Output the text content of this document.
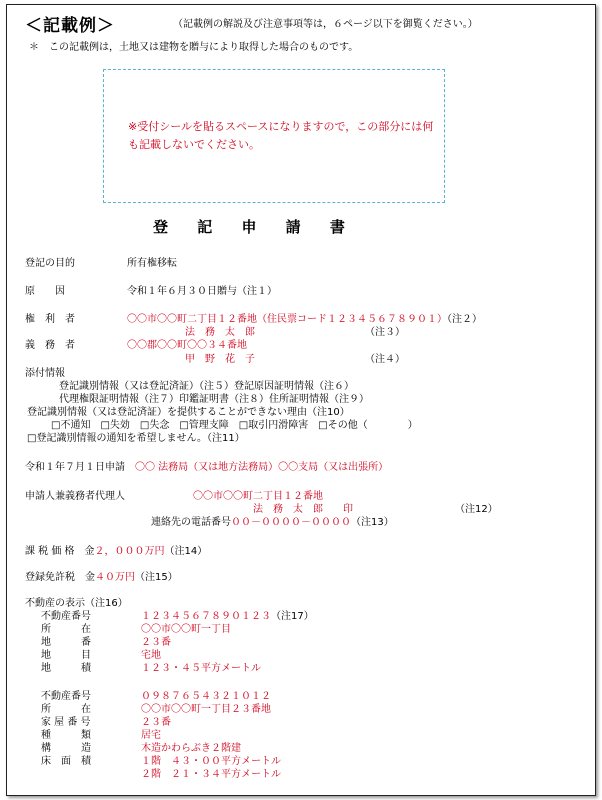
＜記載例＞	（記載例の解説及び注意事項等は，６ページ以下を御覧ください。）
＊　この記載例は，土地又は建物を贈与により取得した場合のものです。
※受付シールを貼るスペースになりますので，この部分には何も記載しないでください。
登 記 申 請 書
登記の目的	所有権移転
原　　因	令和１年６月３０日贈与（注１）
権　利　者	〇〇市〇〇町二丁目１２番地（住民票コード１２３４５６７８９０１）（注２）
法　務　太　郎	（注３）
義　務　者	〇〇郡〇〇町〇〇３４番地
甲　野　花　子	（注４）
添付情報
登記識別情報（又は登記済証）（注５）登記原因証明情報（注６）
代理権限証明情報（注７）印鑑証明書（注８）住所証明情報（注９）
登記識別情報（又は登記済証）を提供することができない理由（注10）
□不通知　□失効　□失念　□管理支障　□取引円滑障害　□その他（　　　　）
□登記識別情報の通知を希望しません。（注11）
令和１年７月１日申請　 〇〇 法務局（又は地方法務局）〇〇支局（又は出張所）
申請人兼義務者代理人	〇〇市〇〇町二丁目１２番地
法　務　太　郎　　印	（注12）
連絡先の電話番号００－００００－００００（注13）
課 税 価 格　 金２，０００万円（注14）
登録免許税　 金４０万円（注15）
不動産の表示（注16）
不動産番号	１２３４５６７８９０１２３（注17）
所　　　在	〇〇市〇〇町一丁目
地　　　番	２３番
地　　　目	宅地
地　　　積	１２３・４５平方メートル
不動産番号	０９８７６５４３２１０１２
所　　　在	〇〇市〇〇町一丁目２３番地
家 屋 番 号	２３番
種　　　類	居宅
構　　　造	木造かわらぶき２階建
床　面　積	１階　４３・００平方メートル
２階　２１・３４平方メートル
